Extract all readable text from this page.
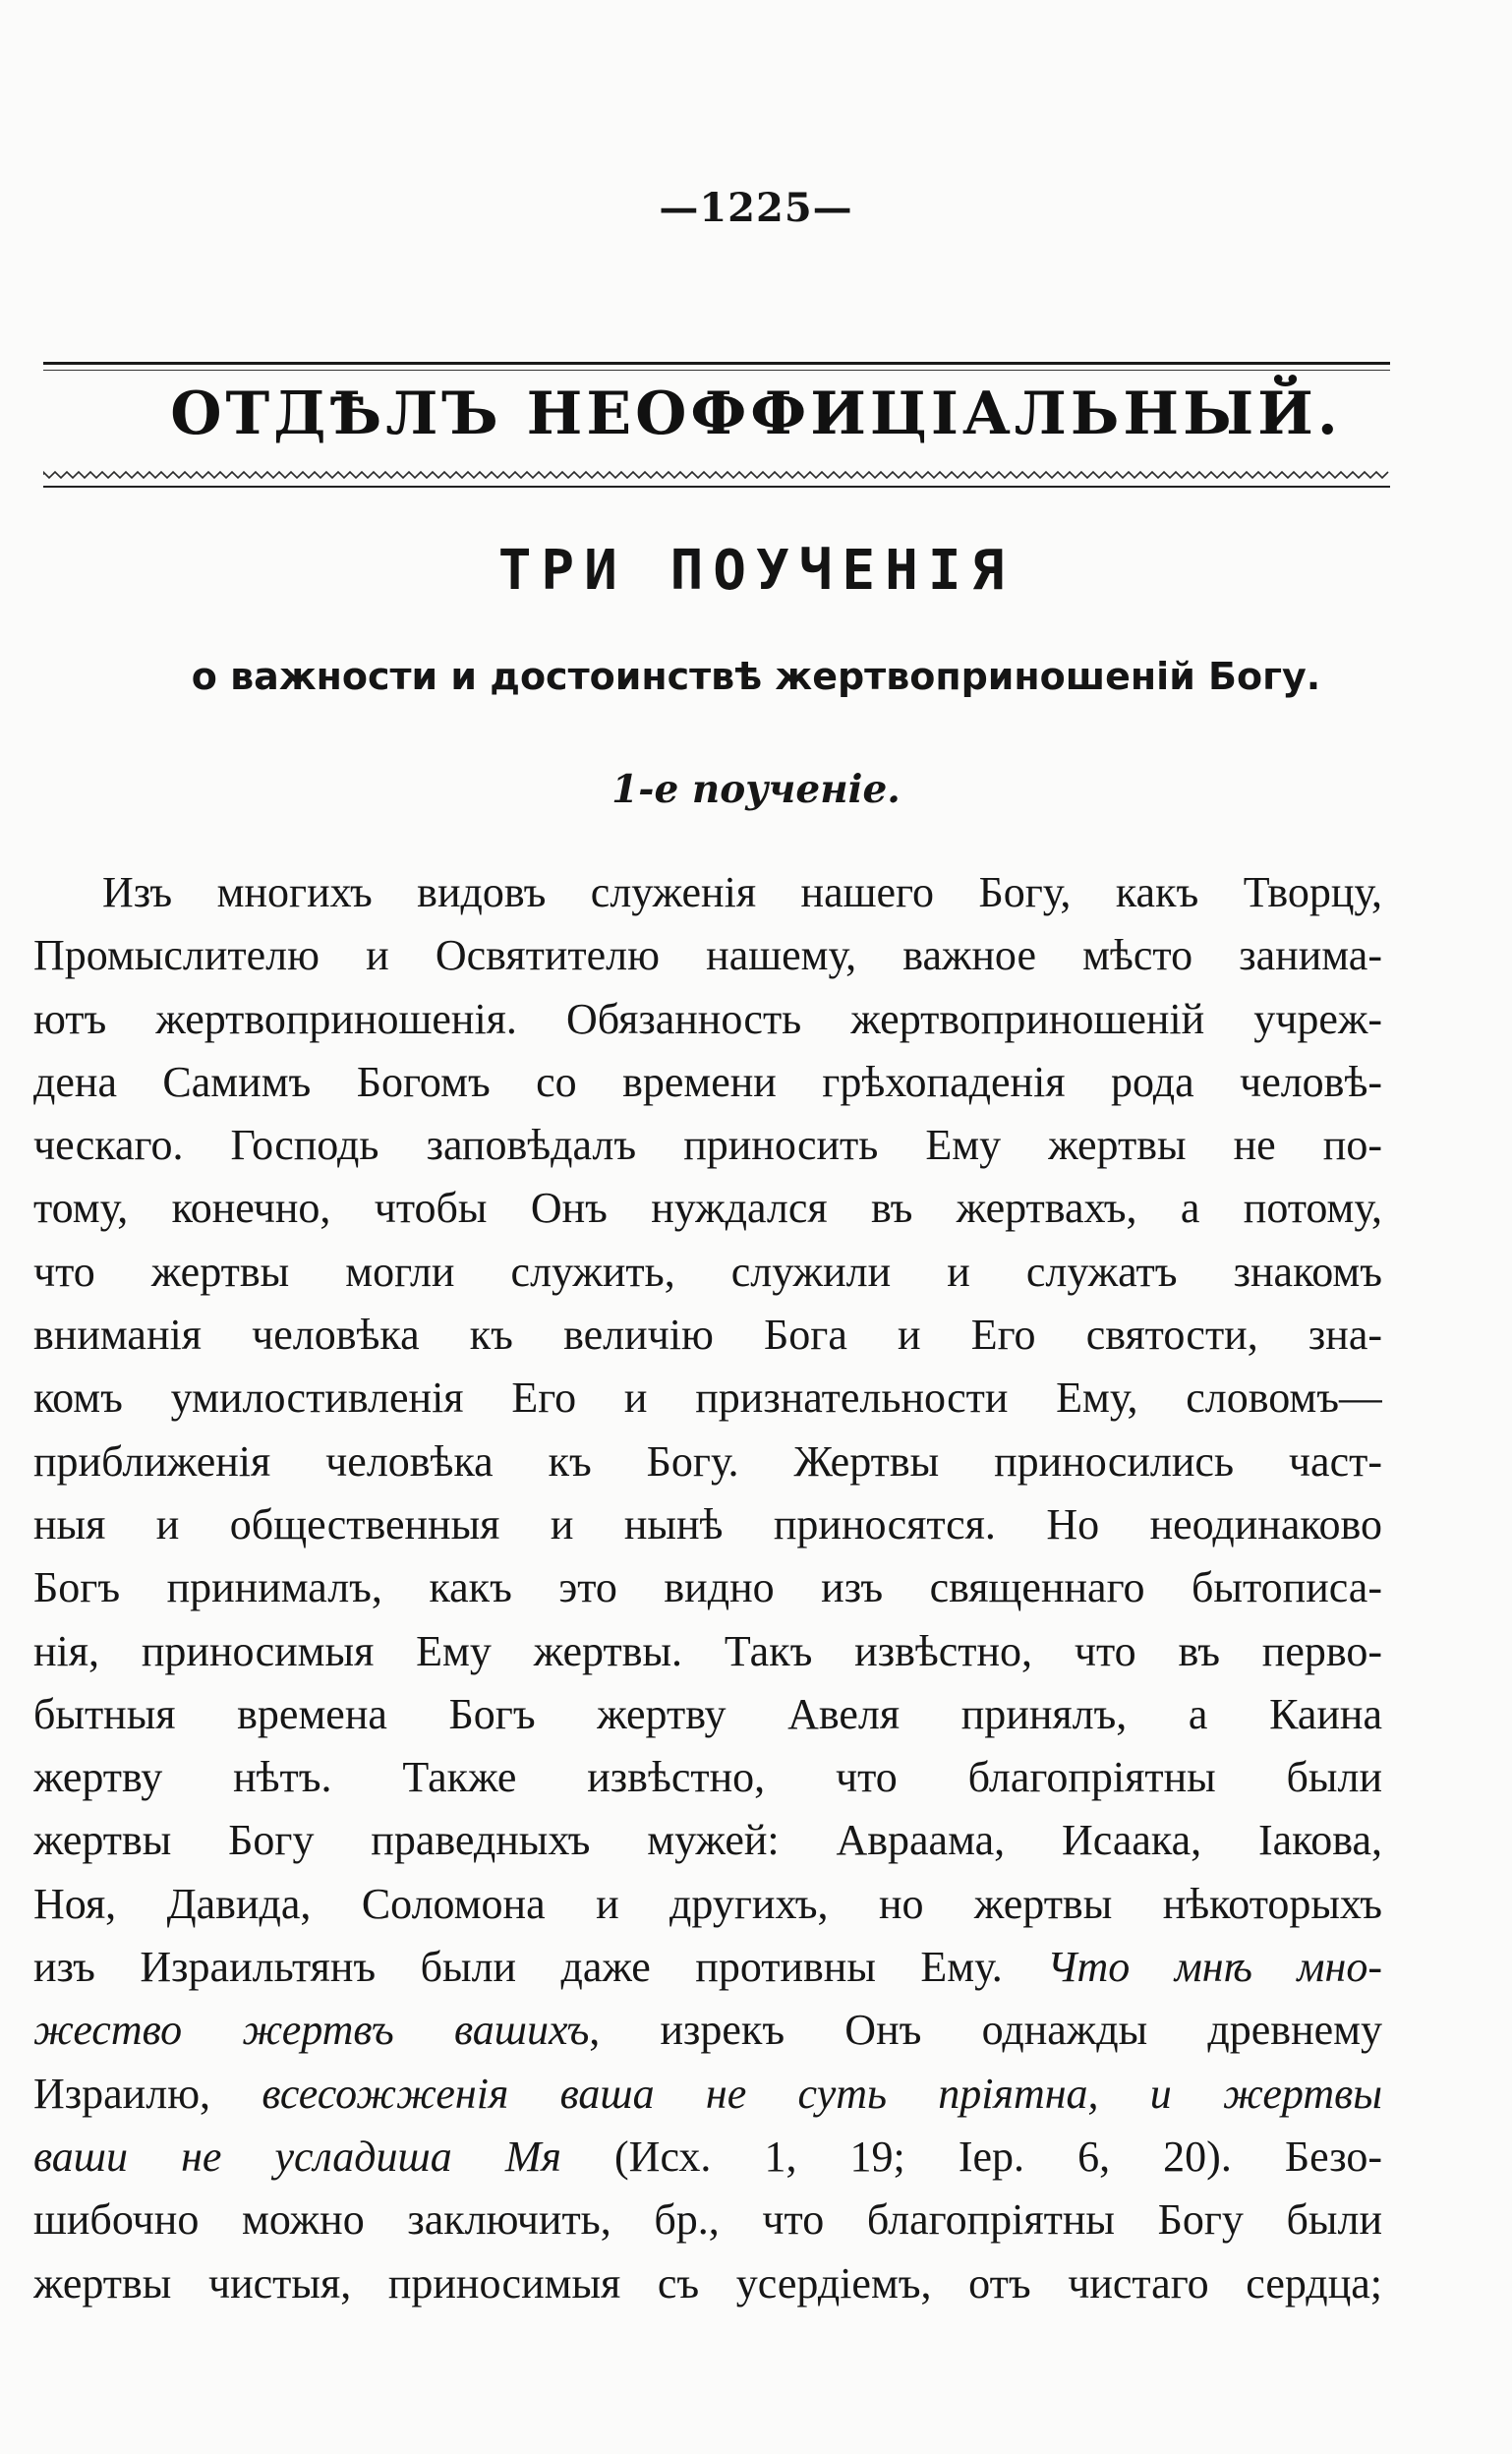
—1225—
ОТДѢЛЪ НЕОФФИЦІАЛЬНЫЙ.
ТРИ ПОУЧЕНІЯ
о важности и достоинствѣ жертвоприношеній Богу.
1-е поученіе.
Изъ многихъ видовъ служенія нашего Богу, какъ Творцу,
Промыслителю и Освятителю нашему, важное мѣсто занима-
ютъ жертвоприношенія. Обязанность жертвоприношеній учреж-
дена Самимъ Богомъ со времени грѣхопаденія рода человѣ-
ческаго. Господь заповѣдалъ приносить Ему жертвы не по-
тому, конечно, чтобы Онъ нуждался въ жертвахъ, а потому,
что жертвы могли служить, служили и служатъ знакомъ
вниманія человѣка къ величію Бога и Его святости, зна-
комъ умилостивленія Его и признательности Ему, словомъ—
приближенія человѣка къ Богу. Жертвы приносились част-
ныя и общественныя и нынѣ приносятся. Но неодинаково
Богъ принималъ, какъ это видно изъ священнаго бытописа-
нія, приносимыя Ему жертвы. Такъ извѣстно, что въ перво-
бытныя времена Богъ жертву Авеля принялъ, а Каина
жертву нѣтъ. Также извѣстно, что благопріятны были
жертвы Богу праведныхъ мужей: Авраама, Исаака, Іакова,
Ноя, Давида, Соломона и другихъ, но жертвы нѣкоторыхъ
изъ Израильтянъ были даже противны Ему. Что мнѣ мно-
жество жертвъ вашихъ, изрекъ Онъ однажды древнему
Израилю, всесожженія ваша не суть пріятна, и жертвы
ваши не усладиша Мя (Исх. 1, 19; Іер. 6, 20). Безо-
шибочно можно заключить, бр., что благопріятны Богу были
жертвы чистыя, приносимыя съ усердіемъ, отъ чистаго сердца;
